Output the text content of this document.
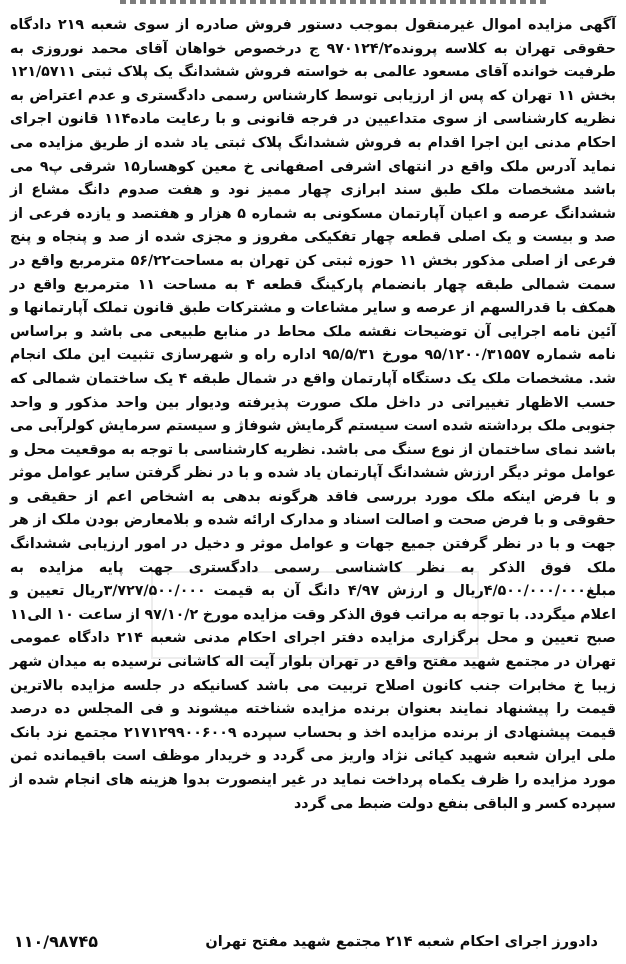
آگهی مزایده اموال غیرمنقول بموجب دستور فروش صادره از سوی شعبه ۲۱۹ دادگاه حقوقی تهران به کلاسه پرونده۹۷۰۱۲۴/۲ ج درخصوص خواهان آقای محمد نوروزی به طرفیت خوانده آقای مسعود عالمی به خواسته فروش ششدانگ یک پلاک ثبتی ۱۲۱/۵۷۱۱ بخش ۱۱ تهران که پس از ارزیابی توسط کارشناس رسمی دادگستری و عدم اعتراض به نظریه کارشناسی از سوی متداعیین در فرجه قانونی و با رعایت ماده۱۱۴ قانون اجرای احکام مدنی این اجرا اقدام به فروش ششدانگ پلاک ثبتی یاد شده از طریق مزایده می نماید آدرس ملک واقع در انتهای اشرفی اصفهانی خ معین کوهسار۱۵ شرقی پ۹ می باشد مشخصات ملک طبق سند ابرازی چهار ممیز نود و هفت صدوم دانگ مشاع از ششدانگ عرصه و اعیان آپارتمان مسکونی به شماره ۵ هزار و هفتصد و یازده فرعی از صد و بیست و یک اصلی قطعه چهار تفکیکی مفروز و مجزی شده از صد و پنجاه و پنج فرعی از اصلی مذکور بخش ۱۱ حوزه ثبتی کن تهران به مساحت۵۶/۲۲ مترمربع واقع در سمت شمالی طبقه چهار بانضمام پارکینگ قطعه ۴ به مساحت ۱۱ مترمربع واقع در همکف با قدرالسهم از عرصه و سایر مشاعات و مشترکات طبق قانون تملک آپارتمانها و آئین نامه اجرایی آن توضیحات نقشه ملک محاط در منابع طبیعی می باشد و براساس نامه شماره ۹۵/۱۲۰۰/۳۱۵۵۷ مورخ ۹۵/۵/۳۱ اداره راه و شهرسازی تثبیت این ملک انجام شد. مشخصات ملک یک دستگاه آپارتمان واقع در شمال طبقه ۴ یک ساختمان شمالی که حسب الاظهار تغییراتی در داخل ملک صورت پذیرفته ودیوار بین واحد مذکور و واحد جنوبی ملک برداشته شده است سیستم گرمایش شوفاژ و سیستم سرمایش کولرآبی می باشد نمای ساختمان از نوع سنگ می باشد. نظریه کارشناسی با توجه به موقعیت محل و عوامل موثر دیگر ارزش ششدانگ آپارتمان یاد شده و با در نظر گرفتن سایر عوامل موثر و با فرض اینکه ملک مورد بررسی فاقد هرگونه بدهی به اشخاص اعم از حقیقی و حقوقی و با فرض صحت و اصالت اسناد و مدارک ارائه شده و بلامعارض بودن ملک از هر جهت و با در نظر گرفتن جمیع جهات و عوامل موثر و دخیل در امور ارزیابی ششدانگ ملک فوق الذکر به نظر کاشناسی رسمی دادگستری جهت پایه مزایده به مبلغ۴/۵۰۰/۰۰۰/۰۰۰ریال و ارزش ۴/۹۷ دانگ آن به قیمت ۳/۷۲۷/۵۰۰/۰۰۰ریال تعیین و اعلام میگردد. با توجه به مراتب فوق الذکر وقت مزایده مورخ ۹۷/۱۰/۲ از ساعت ۱۰ الی۱۱ صبح تعیین و محل برگزاری مزایده دفتر اجرای احکام مدنی شعبه ۲۱۴ دادگاه عمومی تهران در مجتمع شهید مفتح واقع در تهران بلوار آیت اله کاشانی نرسیده به میدان شهر زیبا خ مخابرات جنب کانون اصلاح تربیت می باشد کسانیکه در جلسه مزایده بالاترین قیمت را پیشنهاد نمایند بعنوان برنده مزایده شناخته میشوند و فی المجلس ده درصد قیمت پیشنهادی از برنده مزایده اخذ و بحساب سپرده ۲۱۷۱۲۹۹۰۰۶۰۰۹ مجتمع نزد بانک ملی ایران شعبه شهید کیائی نژاد واریز می گردد و خریدار موظف است باقیمانده ثمن مورد مزایده را ظرف یکماه پرداخت نماید در غیر اینصورت بدوا هزینه های انجام شده از سپرده کسر و الباقی بنفع دولت ضبط می گردد
دادورز اجرای احکام شعبه ۲۱۴ مجتمع شهید مفتح تهران
۱۱۰/۹۸۷۴۵
